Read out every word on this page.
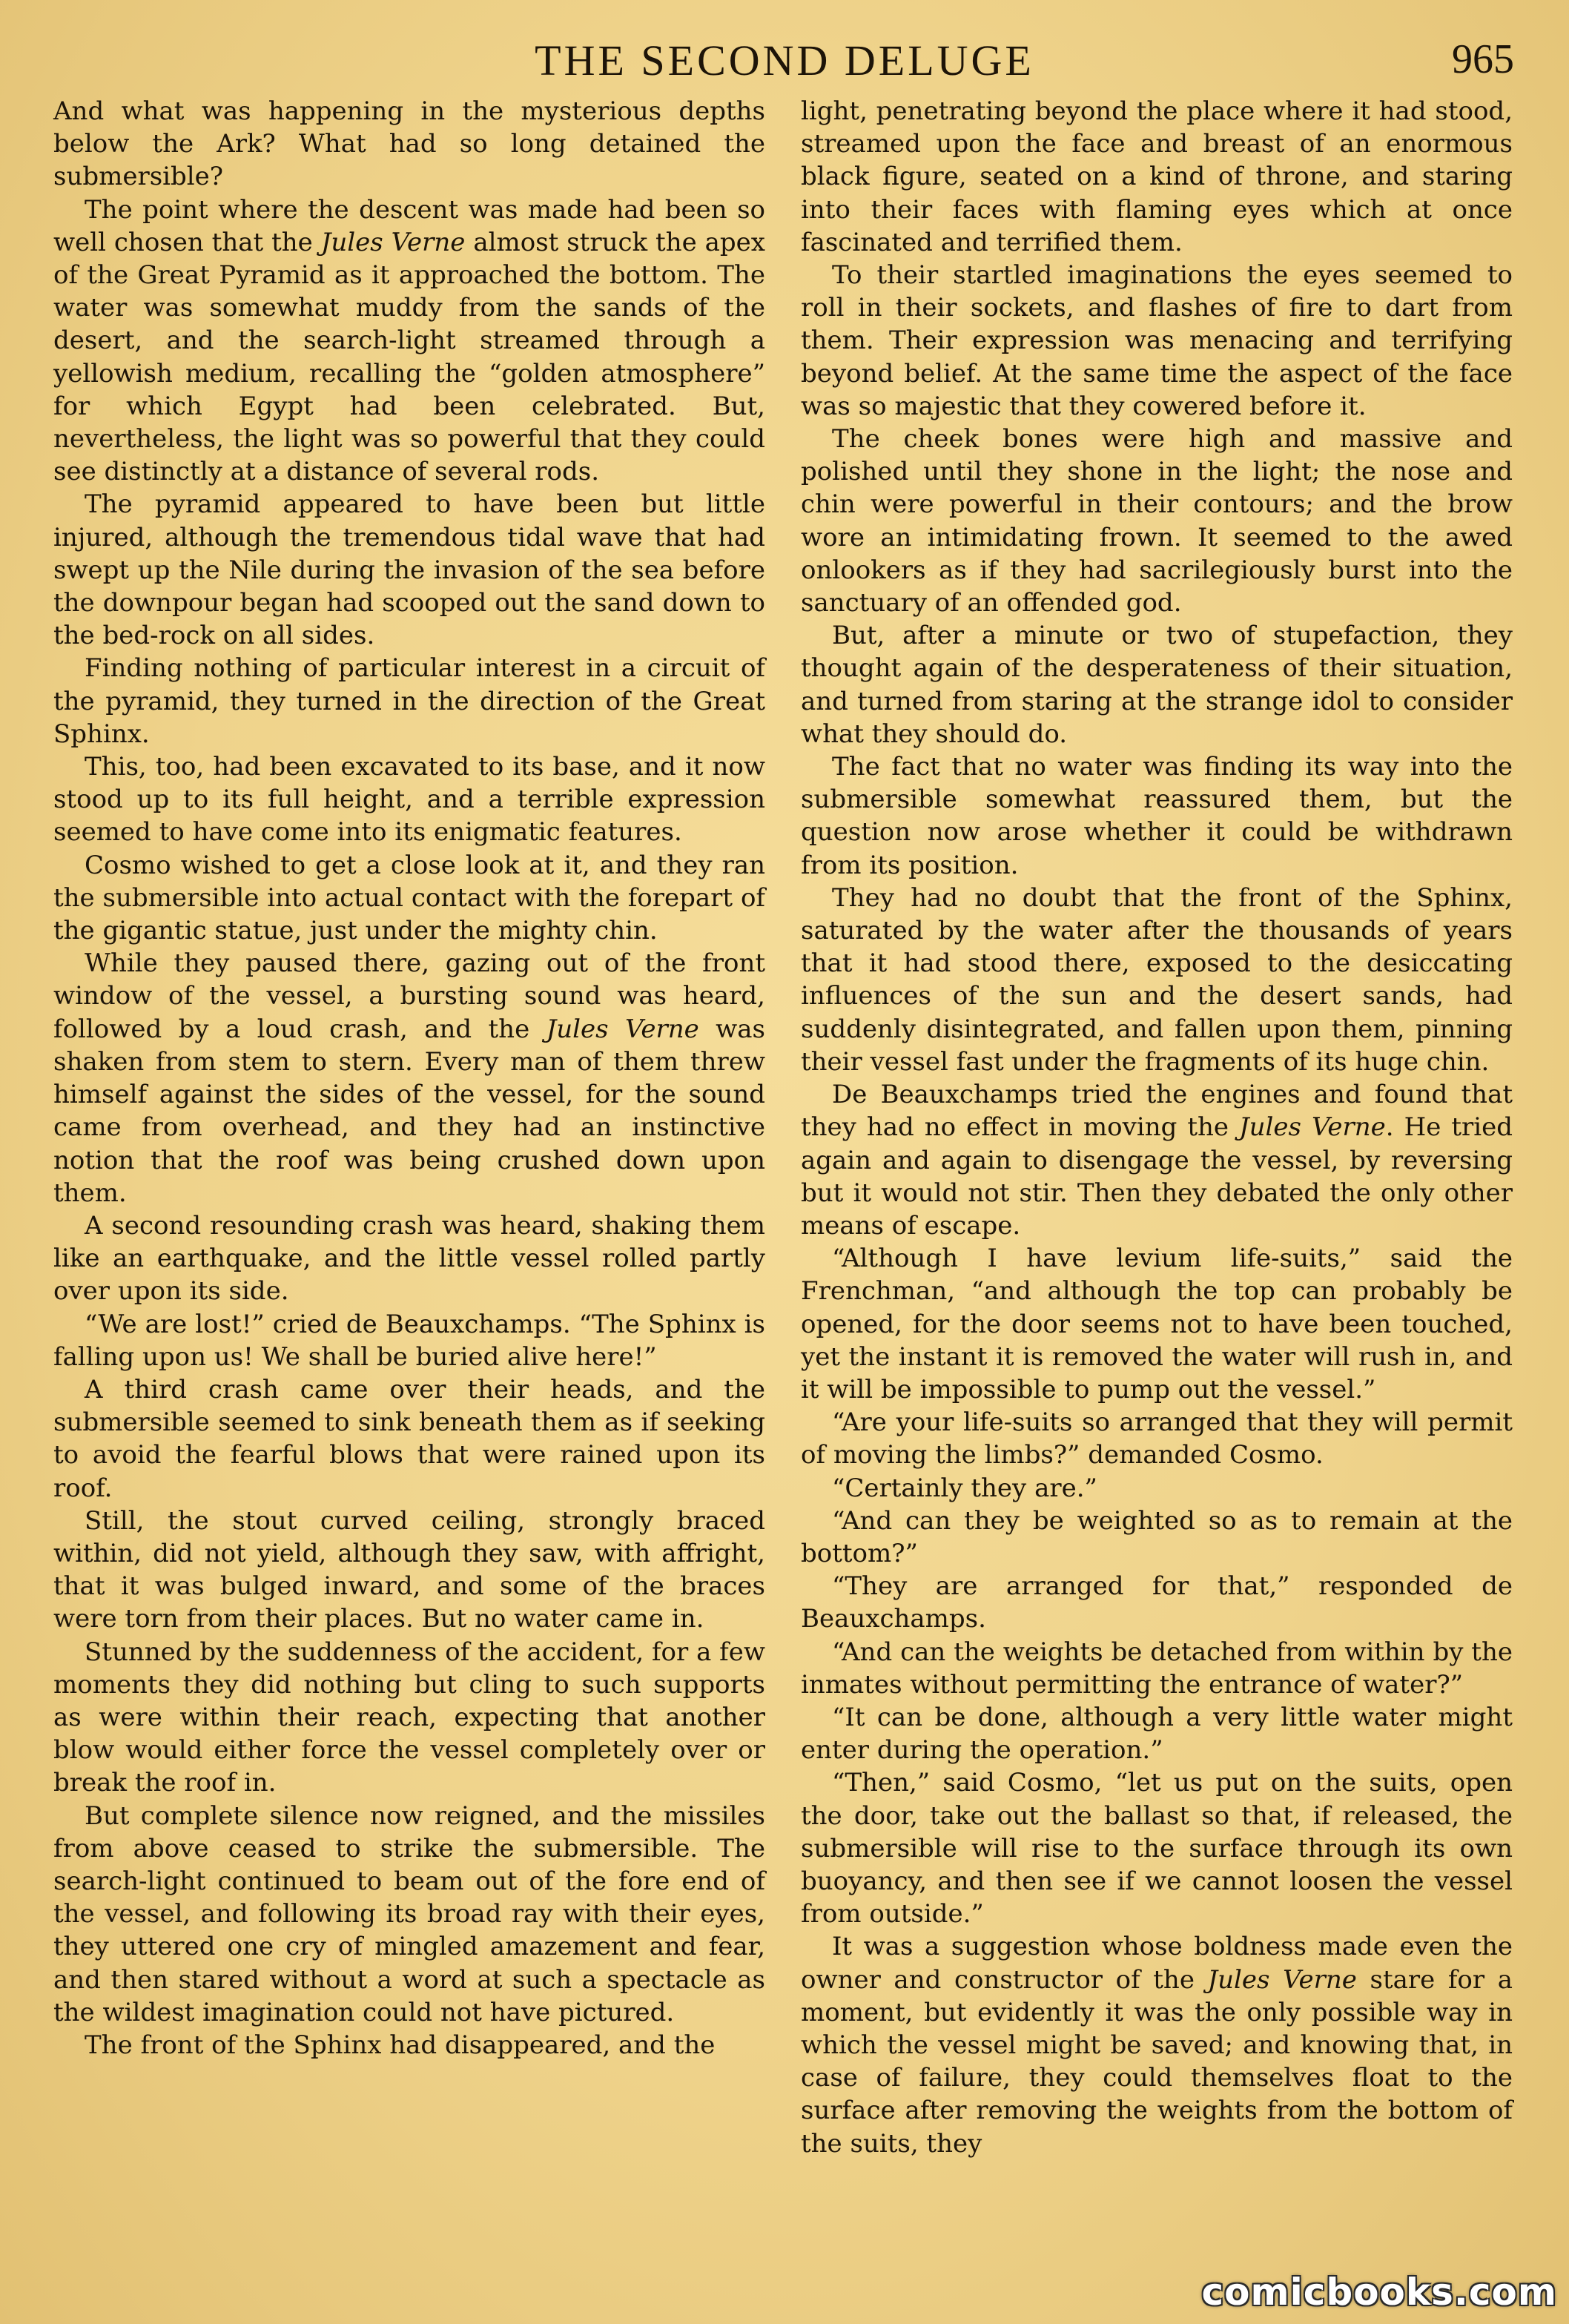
THE SECOND DELUGE	965

And what was happening in the mysterious depths below the Ark? What had so long detained the submersible?

The point where the descent was made had been so well chosen that the Jules Verne almost struck the apex of the Great Pyramid as it approached the bottom. The water was somewhat muddy from the sands of the desert, and the search-light streamed through a yellowish medium, recalling the “golden atmosphere” for which Egypt had been celebrated. But, nevertheless, the light was so powerful that they could see distinctly at a distance of several rods.

The pyramid appeared to have been but little injured, although the tremendous tidal wave that had swept up the Nile during the invasion of the sea before the downpour began had scooped out the sand down to the bed-rock on all sides.

Finding nothing of particular interest in a circuit of the pyramid, they turned in the direction of the Great Sphinx.

This, too, had been excavated to its base, and it now stood up to its full height, and a terrible expression seemed to have come into its enigmatic features.

Cosmo wished to get a close look at it, and they ran the submersible into actual contact with the forepart of the gigantic statue, just under the mighty chin.

While they paused there, gazing out of the front window of the vessel, a bursting sound was heard, followed by a loud crash, and the Jules Verne was shaken from stem to stern. Every man of them threw himself against the sides of the vessel, for the sound came from overhead, and they had an instinctive notion that the roof was being crushed down upon them.

A second resounding crash was heard, shaking them like an earthquake, and the little vessel rolled partly over upon its side.

“We are lost!” cried de Beauxchamps. “The Sphinx is falling upon us! We shall be buried alive here!”

A third crash came over their heads, and the submersible seemed to sink beneath them as if seeking to avoid the fearful blows that were rained upon its roof.

Still, the stout curved ceiling, strongly braced within, did not yield, although they saw, with affright, that it was bulged inward, and some of the braces were torn from their places. But no water came in.

Stunned by the suddenness of the accident, for a few moments they did nothing but cling to such supports as were within their reach, expecting that another blow would either force the vessel completely over or break the roof in.

But complete silence now reigned, and the missiles from above ceased to strike the submersible. The search-light continued to beam out of the fore end of the vessel, and following its broad ray with their eyes, they uttered one cry of mingled amazement and fear, and then stared without a word at such a spectacle as the wildest imagination could not have pictured.

The front of the Sphinx had disappeared, and the

light, penetrating beyond the place where it had stood, streamed upon the face and breast of an enormous black figure, seated on a kind of throne, and staring into their faces with flaming eyes which at once fascinated and terrified them.

To their startled imaginations the eyes seemed to roll in their sockets, and flashes of fire to dart from them. Their expression was menacing and terrifying beyond belief. At the same time the aspect of the face was so majestic that they cowered before it.

The cheek bones were high and massive and polished until they shone in the light; the nose and chin were powerful in their contours; and the brow wore an intimidating frown. It seemed to the awed onlookers as if they had sacrilegiously burst into the sanctuary of an offended god.

But, after a minute or two of stupefaction, they thought again of the desperateness of their situation, and turned from staring at the strange idol to consider what they should do.

The fact that no water was finding its way into the submersible somewhat reassured them, but the question now arose whether it could be withdrawn from its position.

They had no doubt that the front of the Sphinx, saturated by the water after the thousands of years that it had stood there, exposed to the desiccating influences of the sun and the desert sands, had suddenly disintegrated, and fallen upon them, pinning their vessel fast under the fragments of its huge chin.

De Beauxchamps tried the engines and found that they had no effect in moving the Jules Verne. He tried again and again to disengage the vessel, by reversing but it would not stir. Then they debated the only other means of escape.

“Although I have levium life-suits,” said the Frenchman, “and although the top can probably be opened, for the door seems not to have been touched, yet the instant it is removed the water will rush in, and it will be impossible to pump out the vessel.”

“Are your life-suits so arranged that they will permit of moving the limbs?” demanded Cosmo.

“Certainly they are.”

“And can they be weighted so as to remain at the bottom?”

“They are arranged for that,” responded de Beauxchamps.

“And can the weights be detached from within by the inmates without permitting the entrance of water?”

“It can be done, although a very little water might enter during the operation.”

“Then,” said Cosmo, “let us put on the suits, open the door, take out the ballast so that, if released, the submersible will rise to the surface through its own buoyancy, and then see if we cannot loosen the vessel from outside.”

It was a suggestion whose boldness made even the owner and constructor of the Jules Verne stare for a moment, but evidently it was the only possible way in which the vessel might be saved; and knowing that, in case of failure, they could themselves float to the surface after removing the weights from the bottom of the suits, they

comicbooks.com
